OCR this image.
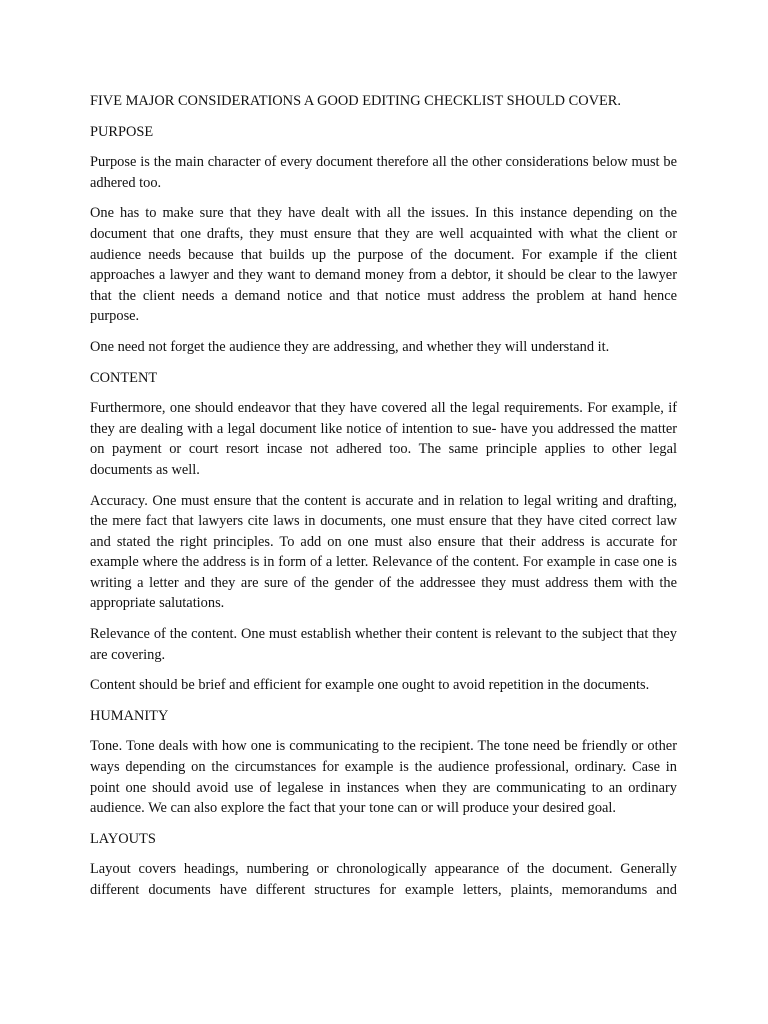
FIVE MAJOR CONSIDERATIONS A GOOD EDITING CHECKLIST SHOULD COVER.
PURPOSE
Purpose is the main character of every document therefore all the other considerations below must be adhered too.
One has to make sure that they have dealt with all the issues. In this instance depending on the document that one drafts, they must ensure that they are well acquainted with what the client or audience needs because that builds up the purpose of the document. For example if the client approaches a lawyer and they want to demand money from a debtor, it should be clear to the lawyer that the client needs a demand notice and that notice must address the problem at hand hence purpose.
One need not forget the audience they are addressing, and whether they will understand it.
CONTENT
Furthermore, one should endeavor that they have covered all the legal requirements. For example, if they are dealing with a legal document like notice of intention to sue- have you addressed the matter on payment or court resort incase not adhered too. The same principle applies to other legal documents as well.
Accuracy. One must ensure that the content is accurate and in relation to legal writing and drafting, the mere fact that lawyers cite laws in documents, one must ensure that they have cited correct law and stated the right principles. To add on one must also ensure that their address is accurate for example where the address is in form of a letter. Relevance of the content. For example in case one is writing a letter and they are sure of the gender of the addressee they must address them with the appropriate salutations.
Relevance of the content. One must establish whether their content is relevant to the subject that they are covering.
Content should be brief and efficient for example one ought to avoid repetition in the documents.
HUMANITY
Tone. Tone deals with how one is communicating to the recipient. The tone need be friendly or other ways depending on the circumstances for example is the audience professional, ordinary. Case in point one should avoid use of legalese in instances when they are communicating to an ordinary audience. We can also explore the fact that your tone can or will produce your desired goal.
LAYOUTS
Layout covers headings, numbering or chronologically appearance of the document. Generally different documents have different structures for example letters, plaints, memorandums and
